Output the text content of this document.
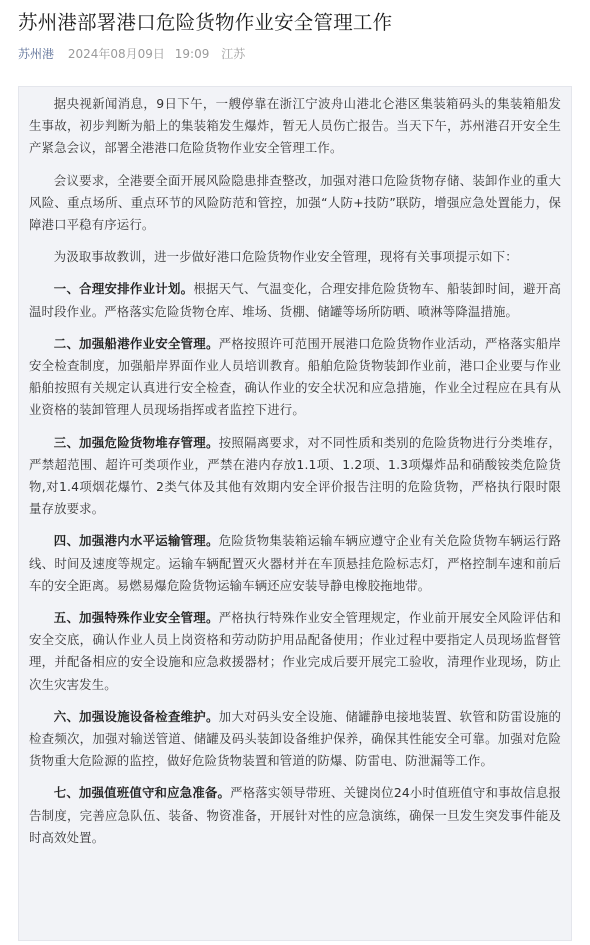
苏州港部署港口危险货物作业安全管理工作
苏州港 2024年08月09日 19:09 江苏

据央视新闻消息，9日下午，一艘停靠在浙江宁波舟山港北仑港区集装箱码头的集装箱船发生事故，初步判断为船上的集装箱发生爆炸，暂无人员伤亡报告。当天下午，苏州港召开安全生产紧急会议，部署全港港口危险货物作业安全管理工作。

会议要求，全港要全面开展风险隐患排查整改，加强对港口危险货物存储、装卸作业的重大风险、重点场所、重点环节的风险防范和管控，加强“人防+技防”联防，增强应急处置能力，保障港口平稳有序运行。

为汲取事故教训，进一步做好港口危险货物作业安全管理，现将有关事项提示如下：

一、合理安排作业计划。根据天气、气温变化，合理安排危险货物车、船装卸时间，避开高温时段作业。严格落实危险货物仓库、堆场、货棚、储罐等场所防晒、喷淋等降温措施。

二、加强船港作业安全管理。严格按照许可范围开展港口危险货物作业活动，严格落实船岸安全检查制度，加强船岸界面作业人员培训教育。船舶危险货物装卸作业前，港口企业要与作业船舶按照有关规定认真进行安全检查，确认作业的安全状况和应急措施，作业全过程应在具有从业资格的装卸管理人员现场指挥或者监控下进行。

三、加强危险货物堆存管理。按照隔离要求，对不同性质和类别的危险货物进行分类堆存，严禁超范围、超许可类项作业，严禁在港内存放1.1项、1.2项、1.3项爆炸品和硝酸铵类危险货物,对1.4项烟花爆竹、2类气体及其他有效期内安全评价报告注明的危险货物，严格执行限时限量存放要求。

四、加强港内水平运输管理。危险货物集装箱运输车辆应遵守企业有关危险货物车辆运行路线、时间及速度等规定。运输车辆配置灭火器材并在车顶悬挂危险标志灯，严格控制车速和前后车的安全距离。易燃易爆危险货物运输车辆还应安装导静电橡胶拖地带。

五、加强特殊作业安全管理。严格执行特殊作业安全管理规定，作业前开展安全风险评估和安全交底，确认作业人员上岗资格和劳动防护用品配备使用；作业过程中要指定人员现场监督管理，并配备相应的安全设施和应急救援器材；作业完成后要开展完工验收，清理作业现场，防止次生灾害发生。

六、加强设施设备检查维护。加大对码头安全设施、储罐静电接地装置、软管和防雷设施的检查频次，加强对输送管道、储罐及码头装卸设备维护保养，确保其性能安全可靠。加强对危险货物重大危险源的监控，做好危险货物装置和管道的防爆、防雷电、防泄漏等工作。

七、加强值班值守和应急准备。严格落实领导带班、关键岗位24小时值班值守和事故信息报告制度，完善应急队伍、装备、物资准备，开展针对性的应急演练，确保一旦发生突发事件能及时高效处置。
